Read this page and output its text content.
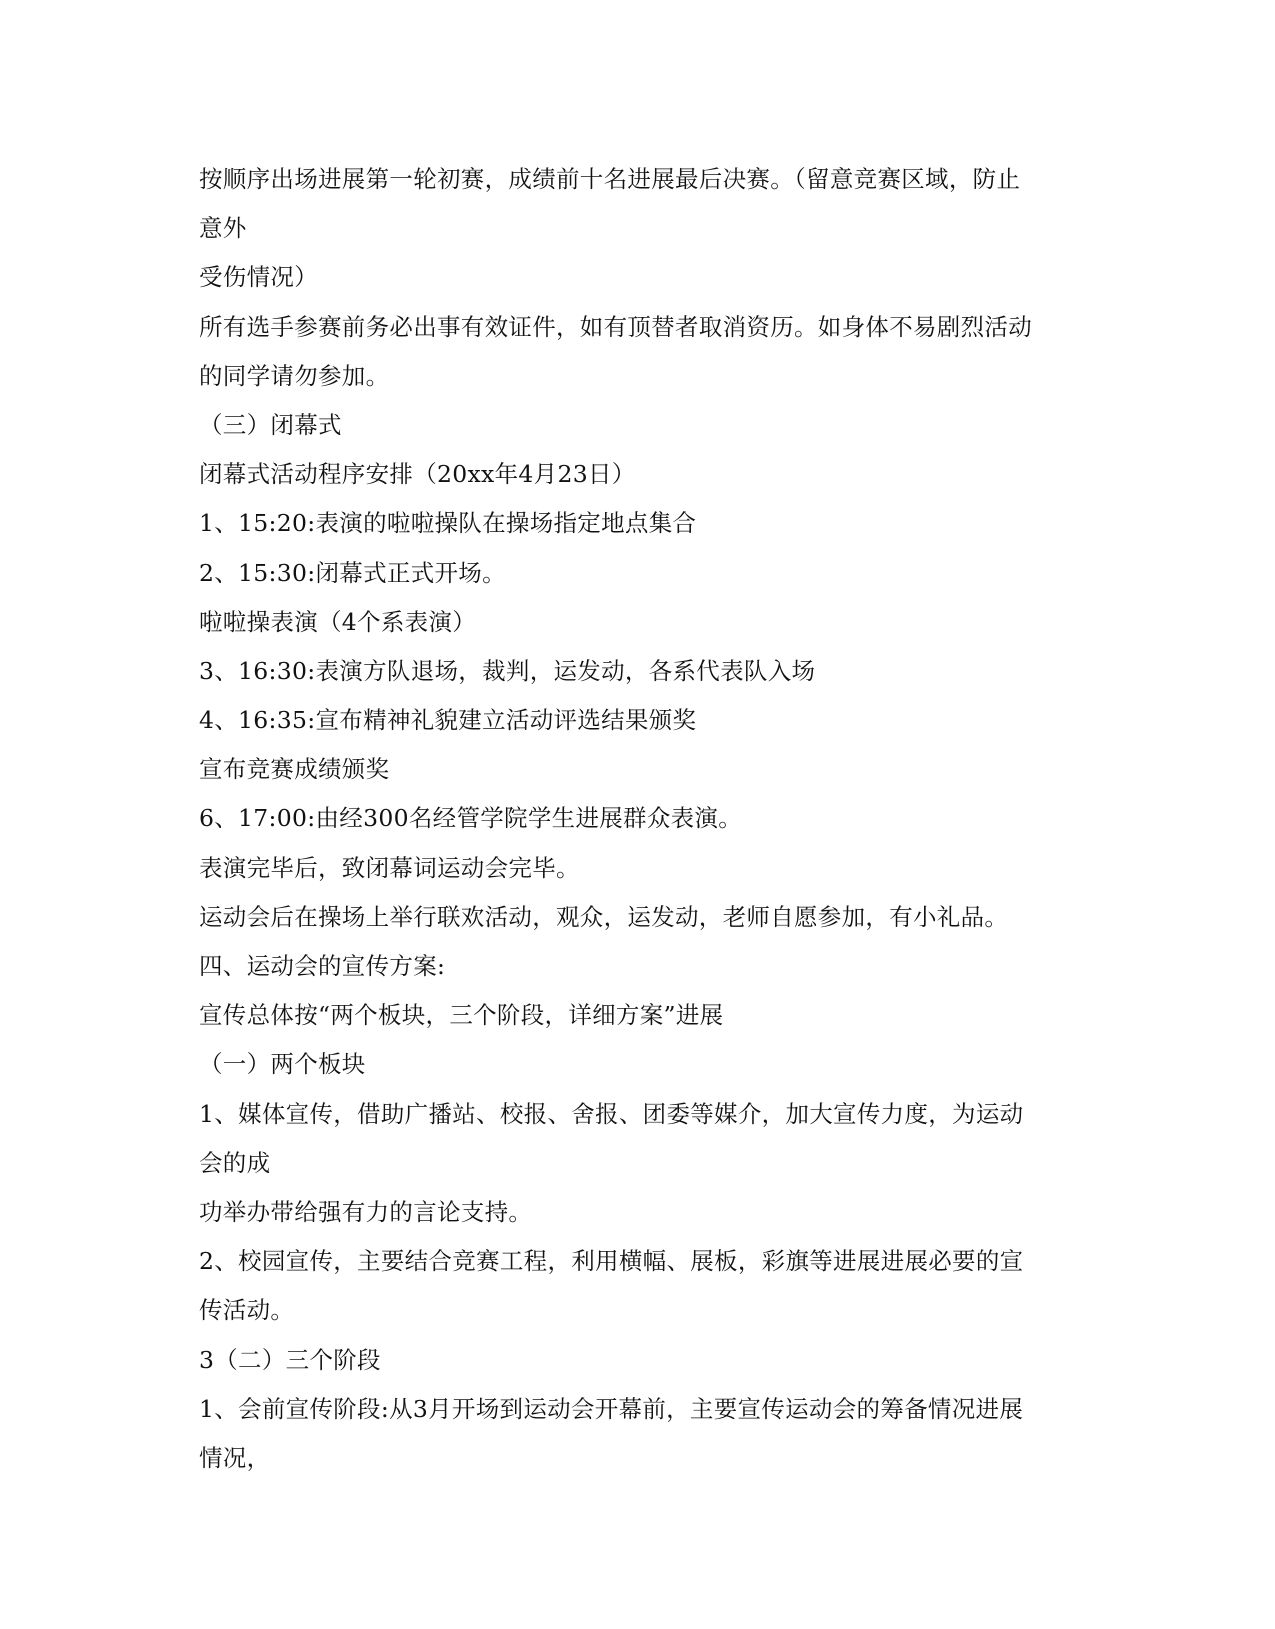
按顺序出场进展第一轮初赛，成绩前十名进展最后决赛。（留意竞赛区域，防止
意外
受伤情况）
所有选手参赛前务必出事有效证件，如有顶替者取消资历。如身体不易剧烈活动
的同学请勿参加。
（三）闭幕式
闭幕式活动程序安排（20xx年4月23日）
1、15:20:表演的啦啦操队在操场指定地点集合
2、15:30:闭幕式正式开场。
啦啦操表演（4个系表演）
3、16:30:表演方队退场，裁判，运发动，各系代表队入场
4、16:35:宣布精神礼貌建立活动评选结果颁奖
宣布竞赛成绩颁奖
6、17:00:由经300名经管学院学生进展群众表演。
表演完毕后，致闭幕词运动会完毕。
运动会后在操场上举行联欢活动，观众，运发动，老师自愿参加，有小礼品。
四、运动会的宣传方案:
宣传总体按“两个板块，三个阶段，详细方案”进展
（一）两个板块
1、媒体宣传，借助广播站、校报、舍报、团委等媒介，加大宣传力度，为运动
会的成
功举办带给强有力的言论支持。
2、校园宣传，主要结合竞赛工程，利用横幅、展板，彩旗等进展进展必要的宣
传活动。
3（二）三个阶段
1、会前宣传阶段:从3月开场到运动会开幕前，主要宣传运动会的筹备情况进展
情况，
